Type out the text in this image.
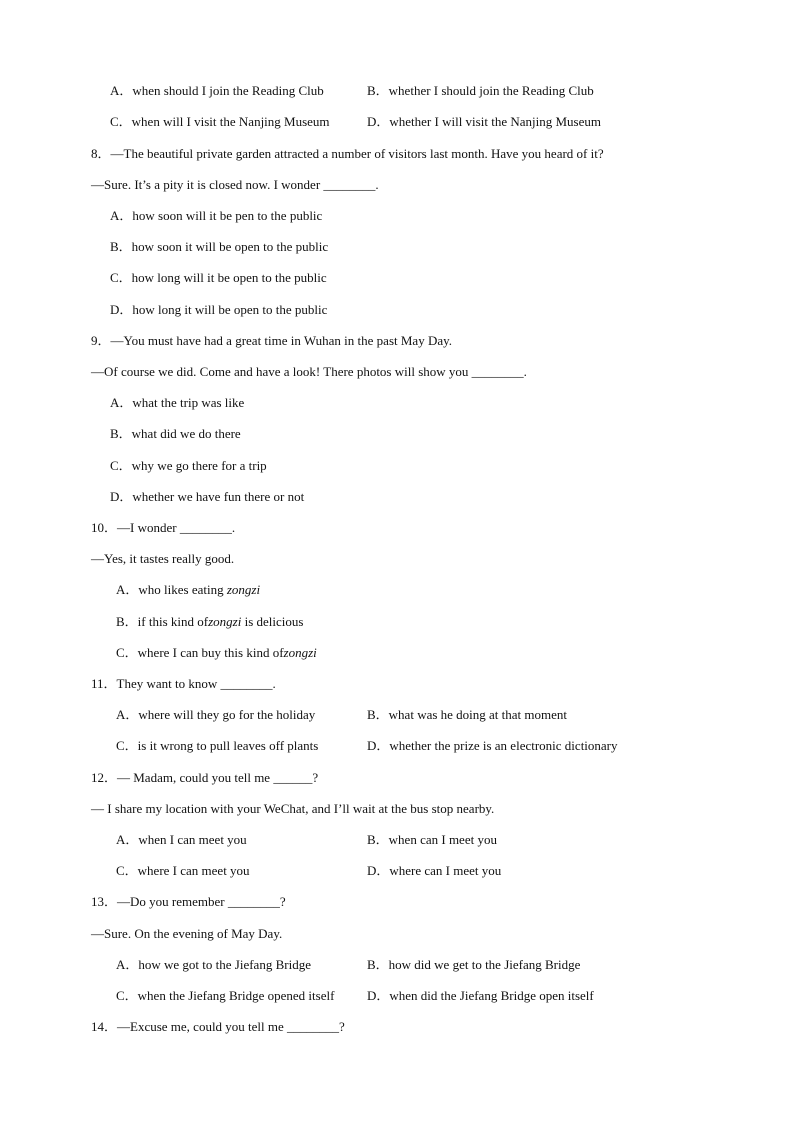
A．when should I join the Reading Club	B．whether I should join the Reading Club
C．when will I visit the Nanjing Museum	D．whether I will visit the Nanjing Museum
8．—The beautiful private garden attracted a number of visitors last month. Have you heard of it?
—Sure. It’s a pity it is closed now. I wonder ________.
A．how soon will it be pen to the public
B．how soon it will be open to the public
C．how long will it be open to the public
D．how long it will be open to the public
9．—You must have had a great time in Wuhan in the past May Day.
—Of course we did. Come and have a look! There photos will show you ________.
A．what the trip was like
B．what did we do there
C．why we go there for a trip
D．whether we have fun there or not
10．—I wonder ________.
—Yes, it tastes really good.
A．who likes eating zongzi
B．if this kind ofzongzi is delicious
C．where I can buy this kind ofzongzi
11．They want to know ________.
A．where will they go for the holiday	B．what was he doing at that moment
C．is it wrong to pull leaves off plants	D．whether the prize is an electronic dictionary
12．— Madam, could you tell me ______?
— I share my location with your WeChat, and I’ll wait at the bus stop nearby.
A．when I can meet you	B．when can I meet you
C．where I can meet you	D．where can I meet you
13．—Do you remember ________?
—Sure. On the evening of May Day.
A．how we got to the Jiefang Bridge	B．how did we get to the Jiefang Bridge
C．when the Jiefang Bridge opened itself	D．when did the Jiefang Bridge open itself
14．—Excuse me, could you tell me ________?
